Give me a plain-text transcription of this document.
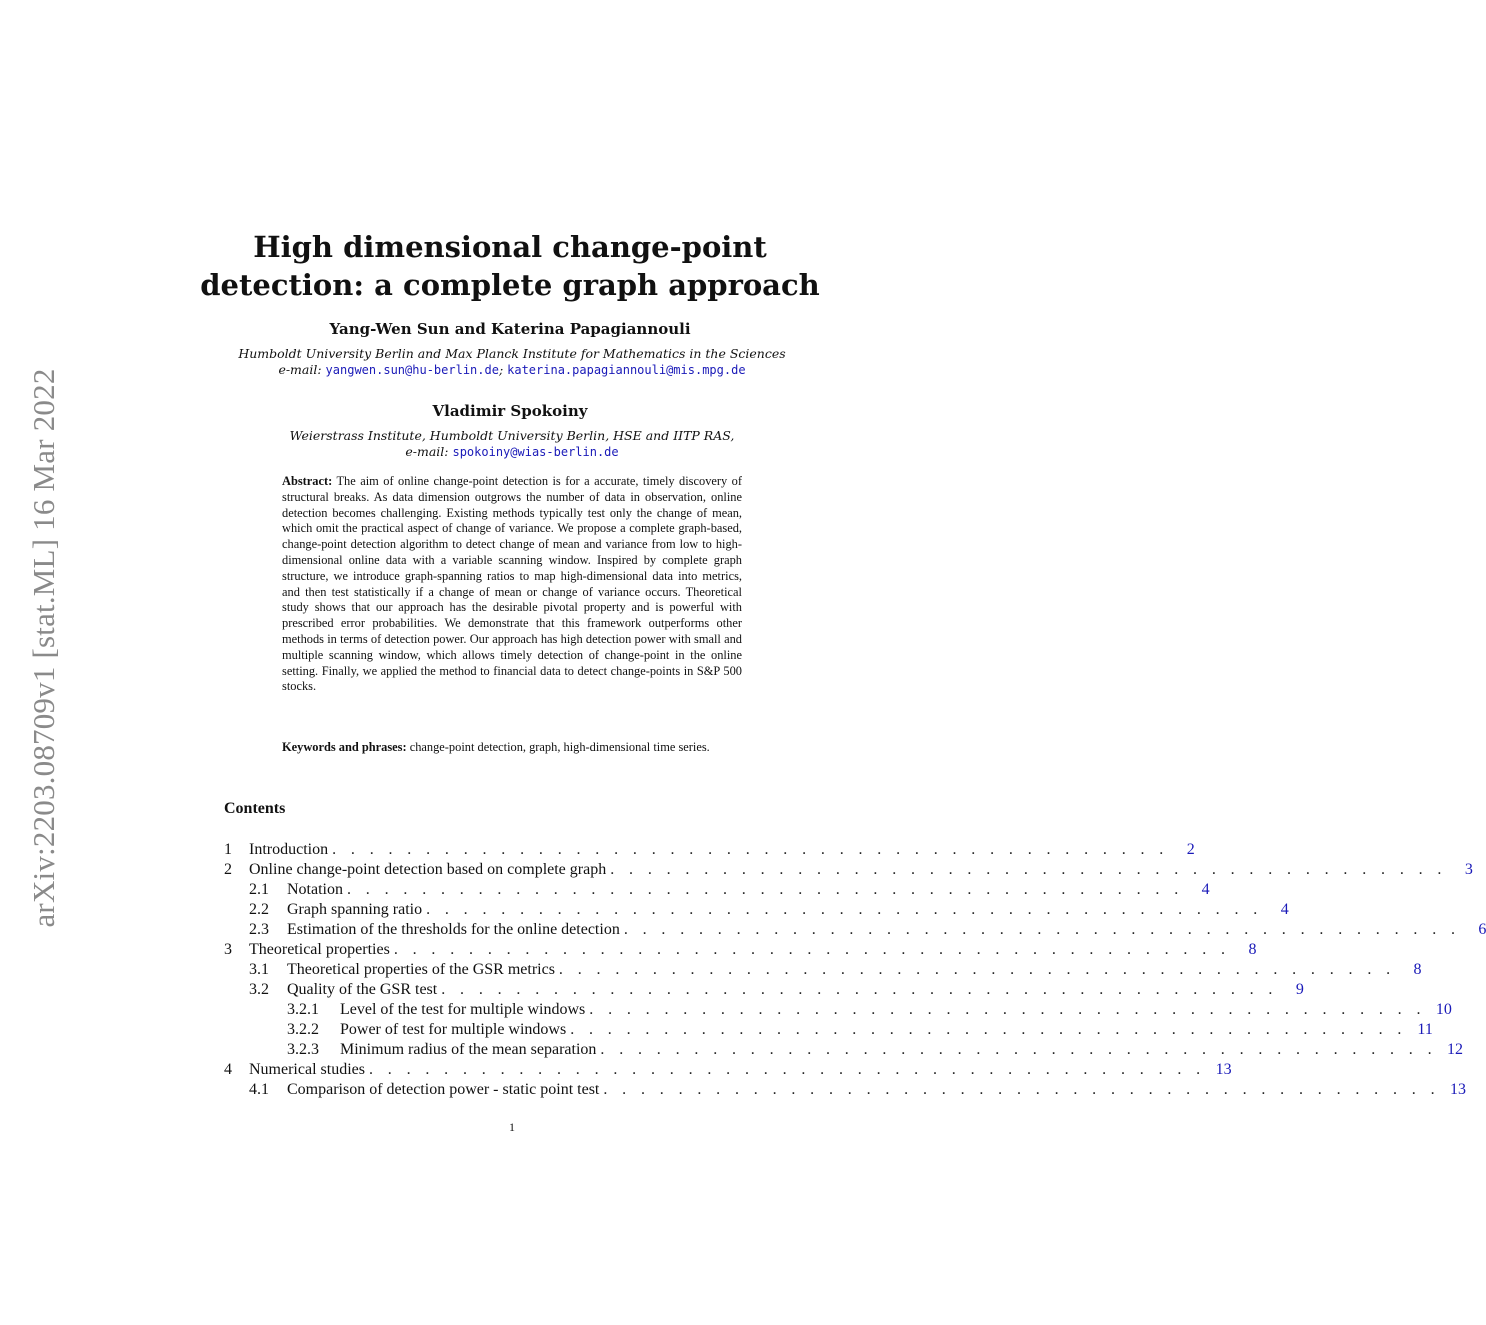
arXiv:2203.08709v1 [stat.ML] 16 Mar 2022
High dimensional change-point
detection: a complete graph approach
Yang-Wen Sun and Katerina Papagiannouli
Humboldt University Berlin and Max Planck Institute for Mathematics in the Sciences
e-mail: yangwen.sun@hu-berlin.de; katerina.papagiannouli@mis.mpg.de
Vladimir Spokoiny
Weierstrass Institute, Humboldt University Berlin, HSE and IITP RAS,
e-mail: spokoiny@wias-berlin.de
Abstract: The aim of online change-point detection is for a accurate, timely discovery of structural breaks. As data dimension outgrows the number of data in observation, online detection becomes challenging. Existing methods typically test only the change of mean, which omit the practical aspect of change of variance. We propose a complete graph-based, change-point detection algorithm to detect change of mean and variance from low to high-dimensional online data with a variable scanning window. Inspired by complete graph structure, we introduce graph-spanning ratios to map high-dimensional data into metrics, and then test statistically if a change of mean or change of variance occurs. Theoretical study shows that our approach has the desirable pivotal property and is powerful with prescribed error probabilities. We demonstrate that this framework outperforms other methods in terms of detection power. Our approach has high detection power with small and multiple scanning window, which allows timely detection of change-point in the online setting. Finally, we applied the method to financial data to detect change-points in S&P 500 stocks.
Keywords and phrases: change-point detection, graph, high-dimensional time series.
Contents
1	Introduction . . . . . . . . . . . . . . . . . . . . . . . . . . . . . . . . . . . . . . . . . . . . .	2
2	Online change-point detection based on complete graph . . . . . . . . . . . . . . . . . . . . . . . . . . . . . . . . . . . . . . . . . . . . .	3
2.1	Notation . . . . . . . . . . . . . . . . . . . . . . . . . . . . . . . . . . . . . . . . . . . . .	4
2.2	Graph spanning ratio . . . . . . . . . . . . . . . . . . . . . . . . . . . . . . . . . . . . . . . . . . . . .	4
2.3	Estimation of the thresholds for the online detection . . . . . . . . . . . . . . . . . . . . . . . . . . . . . . . . . . . . . . . . . . . . .	6
3	Theoretical properties . . . . . . . . . . . . . . . . . . . . . . . . . . . . . . . . . . . . . . . . . . . . .	8
3.1	Theoretical properties of the GSR metrics . . . . . . . . . . . . . . . . . . . . . . . . . . . . . . . . . . . . . . . . . . . . .	8
3.2	Quality of the GSR test . . . . . . . . . . . . . . . . . . . . . . . . . . . . . . . . . . . . . . . . . . . . .	9
3.2.1	Level of the test for multiple windows . . . . . . . . . . . . . . . . . . . . . . . . . . . . . . . . . . . . . . . . . . . . . 10
3.2.2	Power of test for multiple windows . . . . . . . . . . . . . . . . . . . . . . . . . . . . . . . . . . . . . . . . . . . . . 11
3.2.3	Minimum radius of the mean separation . . . . . . . . . . . . . . . . . . . . . . . . . . . . . . . . . . . . . . . . . . . . . 12
4	Numerical studies . . . . . . . . . . . . . . . . . . . . . . . . . . . . . . . . . . . . . . . . . . . . . 13
4.1	Comparison of detection power - static point test . . . . . . . . . . . . . . . . . . . . . . . . . . . . . . . . . . . . . . . . . . . . . 13
1
